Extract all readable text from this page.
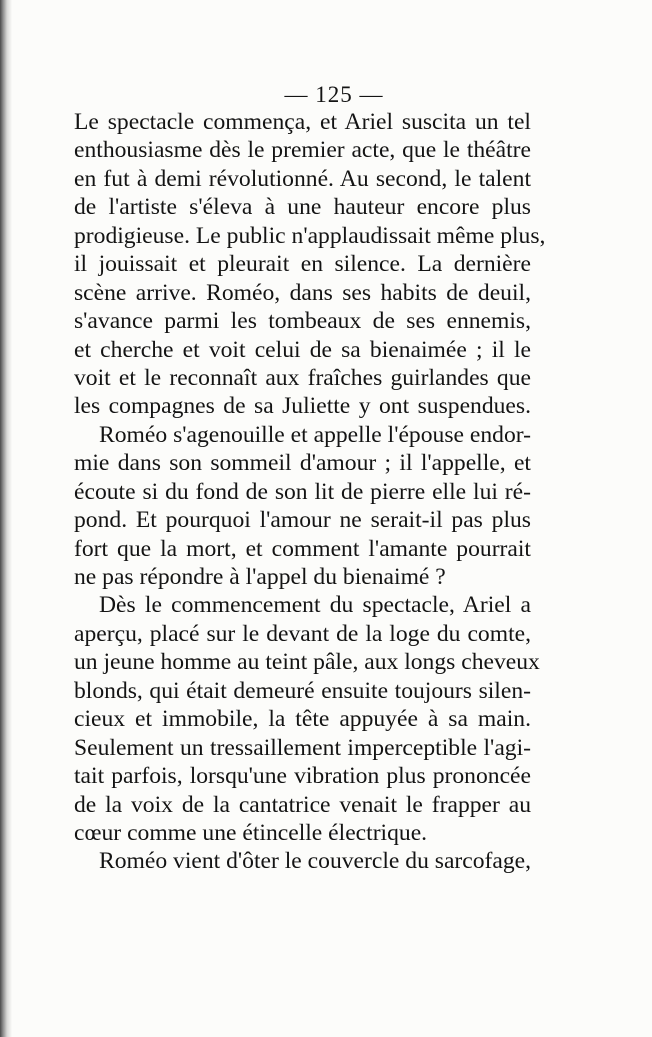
— 125 —
Le spectacle commença, et Ariel suscita un tel
enthousiasme dès le premier acte, que le théâtre
en fut à demi révolutionné. Au second, le talent
de l'artiste s'éleva à une hauteur encore plus
prodigieuse. Le public n'applaudissait même plus,
il jouissait et pleurait en silence. La dernière
scène arrive. Roméo, dans ses habits de deuil,
s'avance parmi les tombeaux de ses ennemis,
et cherche et voit celui de sa bienaimée ; il le
voit et le reconnaît aux fraîches guirlandes que
les compagnes de sa Juliette y ont suspendues.
Roméo s'agenouille et appelle l'épouse endor-
mie dans son sommeil d'amour ; il l'appelle, et
écoute si du fond de son lit de pierre elle lui ré-
pond. Et pourquoi l'amour ne serait-il pas plus
fort que la mort, et comment l'amante pourrait
ne pas répondre à l'appel du bienaimé ?
Dès le commencement du spectacle, Ariel a
aperçu, placé sur le devant de la loge du comte,
un jeune homme au teint pâle, aux longs cheveux
blonds, qui était demeuré ensuite toujours silen-
cieux et immobile, la tête appuyée à sa main.
Seulement un tressaillement imperceptible l'agi-
tait parfois, lorsqu'une vibration plus prononcée
de la voix de la cantatrice venait le frapper au
cœur comme une étincelle électrique.
Roméo vient d'ôter le couvercle du sarcofage,
